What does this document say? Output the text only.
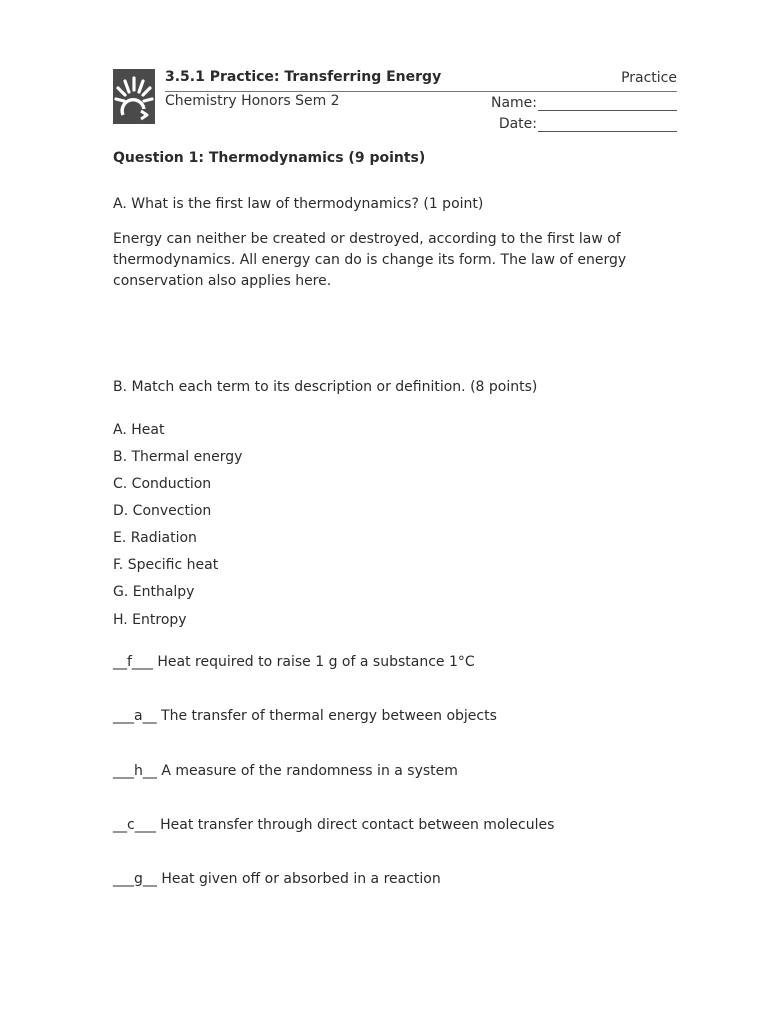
3.5.1 Practice: Transferring Energy	Practice
Chemistry Honors Sem 2	Name:
Date:
Question 1: Thermodynamics (9 points)
A. What is the first law of thermodynamics? (1 point)
Energy can neither be created or destroyed, according to the first law of thermodynamics. All energy can do is change its form. The law of energy conservation also applies here.
B. Match each term to its description or definition. (8 points)
A. Heat
B. Thermal energy
C. Conduction
D. Convection
E. Radiation
F. Specific heat
G. Enthalpy
H. Entropy
__f___ Heat required to raise 1 g of a substance 1°C
___a__ The transfer of thermal energy between objects
___h__ A measure of the randomness in a system
__c___ Heat transfer through direct contact between molecules
___g__ Heat given off or absorbed in a reaction
